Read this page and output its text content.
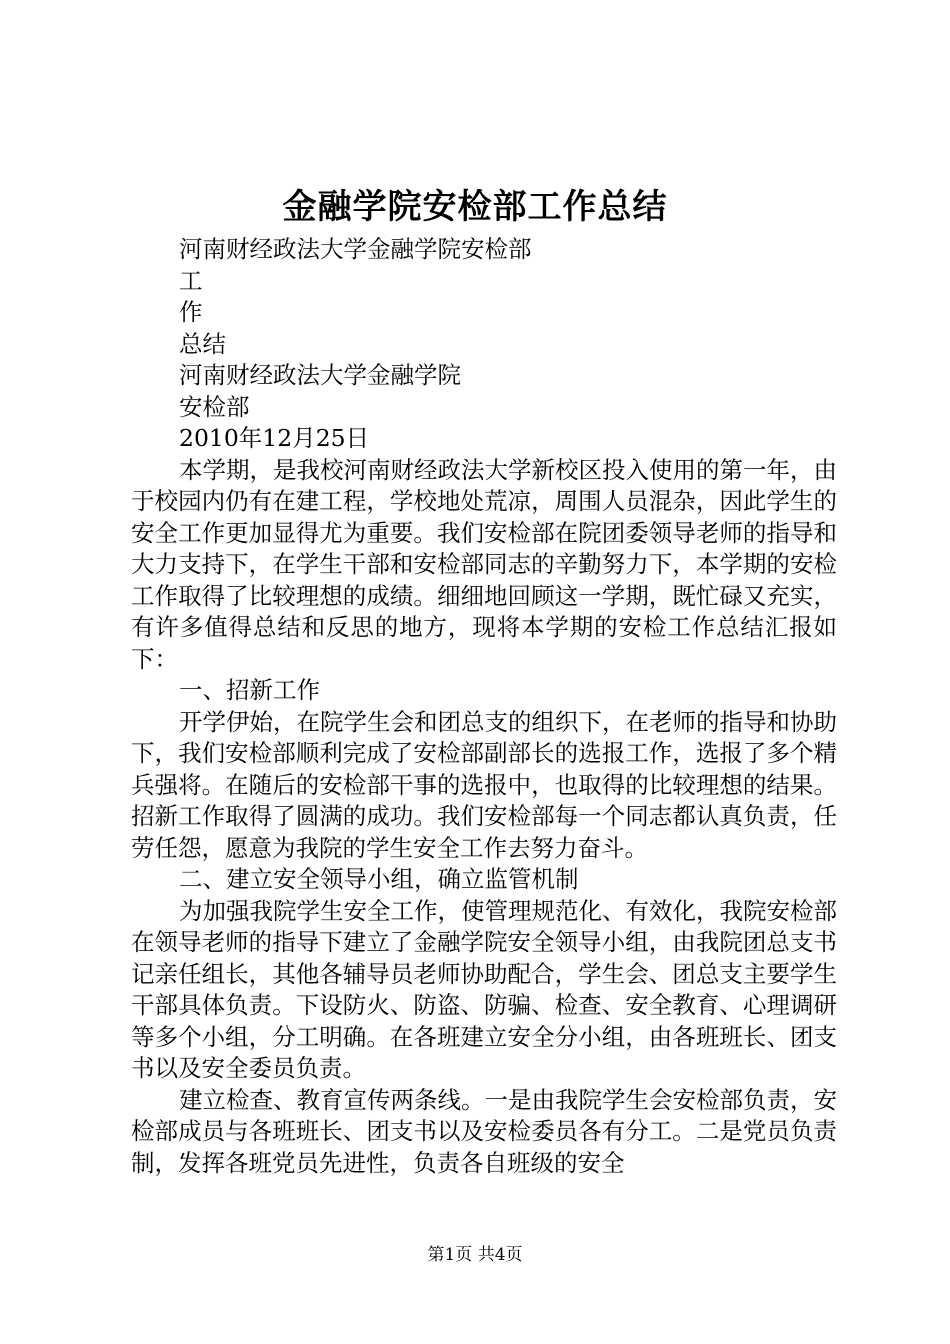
金融学院安检部工作总结

河南财经政法大学金融学院安检部

工

作

总结

河南财经政法大学金融学院

安检部

2010年12月25日

本学期，是我校河南财经政法大学新校区投入使用的第一年，由于校园内仍有在建工程，学校地处荒凉，周围人员混杂，因此学生的安全工作更加显得尤为重要。我们安检部在院团委领导老师的指导和大力支持下，在学生干部和安检部同志的辛勤努力下，本学期的安检工作取得了比较理想的成绩。细细地回顾这一学期，既忙碌又充实，有许多值得总结和反思的地方，现将本学期的安检工作总结汇报如下：

一、招新工作

开学伊始，在院学生会和团总支的组织下，在老师的指导和协助下，我们安检部顺利完成了安检部副部长的选报工作，选报了多个精兵强将。在随后的安检部干事的选报中，也取得的比较理想的结果。招新工作取得了圆满的成功。我们安检部每一个同志都认真负责，任劳任怨，愿意为我院的学生安全工作去努力奋斗。

二、建立安全领导小组，确立监管机制

为加强我院学生安全工作，使管理规范化、有效化，我院安检部在领导老师的指导下建立了金融学院安全领导小组，由我院团总支书记亲任组长，其他各辅导员老师协助配合，学生会、团总支主要学生干部具体负责。下设防火、防盗、防骗、检查、安全教育、心理调研等多个小组，分工明确。在各班建立安全分小组，由各班班长、团支书以及安全委员负责。

建立检查、教育宣传两条线。一是由我院学生会安检部负责，安检部成员与各班班长、团支书以及安检委员各有分工。二是党员负责制，发挥各班党员先进性，负责各自班级的安全

第1页 共4页
